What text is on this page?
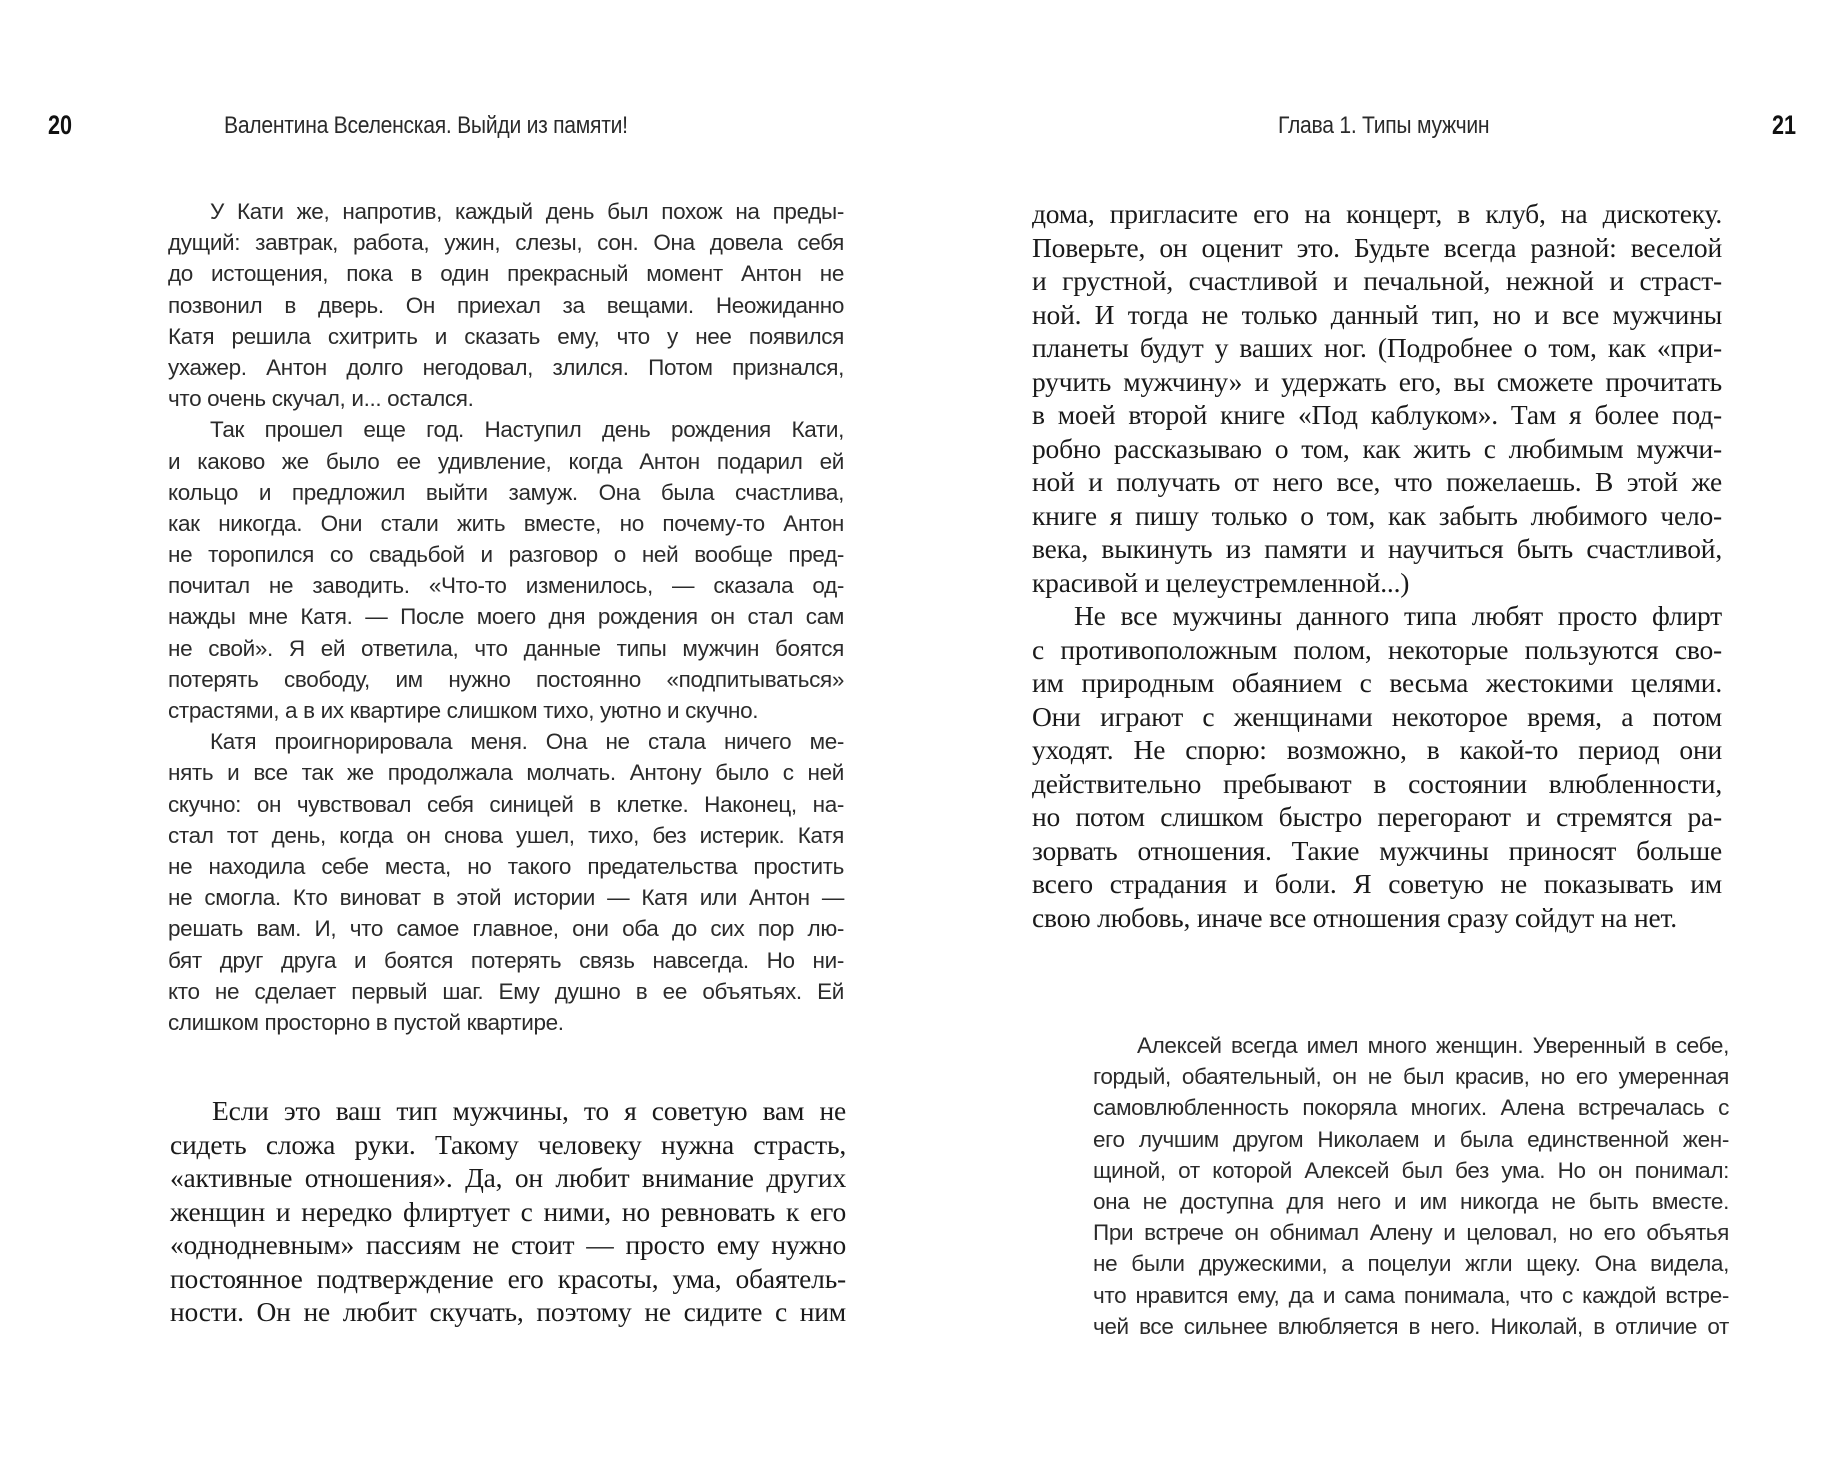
20	Валентина Вселенская. Выйди из памяти!
У Кати же, напротив, каждый день был похож на преды-
дущий: завтрак, работа, ужин, слезы, сон. Она довела себя
до истощения, пока в один прекрасный момент Антон не
позвонил в дверь. Он приехал за вещами. Неожиданно
Катя решила схитрить и сказать ему, что у нее появился
ухажер. Антон долго негодовал, злился. Потом признался,
что очень скучал, и... остался.
Так прошел еще год. Наступил день рождения Кати,
и каково же было ее удивление, когда Антон подарил ей
кольцо и предложил выйти замуж. Она была счастлива,
как никогда. Они стали жить вместе, но почему-то Антон
не торопился со свадьбой и разговор о ней вообще пред-
почитал не заводить. «Что-то изменилось, — сказала од-
нажды мне Катя. — После моего дня рождения он стал сам
не свой». Я ей ответила, что данные типы мужчин боятся
потерять свободу, им нужно постоянно «подпитываться»
страстями, а в их квартире слишком тихо, уютно и скучно.
Катя проигнорировала меня. Она не стала ничего ме-
нять и все так же продолжала молчать. Антону было с ней
скучно: он чувствовал себя синицей в клетке. Наконец, на-
стал тот день, когда он снова ушел, тихо, без истерик. Катя
не находила себе места, но такого предательства простить
не смогла. Кто виноват в этой истории — Катя или Антон —
решать вам. И, что самое главное, они оба до сих пор лю-
бят друг друга и боятся потерять связь навсегда. Но ни-
кто не сделает первый шаг. Ему душно в ее объятьях. Ей
слишком просторно в пустой квартире.
Если это ваш тип мужчины, то я советую вам не
сидеть сложа руки. Такому человеку нужна страсть,
«активные отношения». Да, он любит внимание других
женщин и нередко флиртует с ними, но ревновать к его
«однодневным» пассиям не стоит — просто ему нужно
постоянное подтверждение его красоты, ума, обаятель-
ности. Он не любит скучать, поэтому не сидите с ним
Глава 1. Типы мужчин	21
дома, пригласите его на концерт, в клуб, на дискотеку.
Поверьте, он оценит это. Будьте всегда разной: веселой
и грустной, счастливой и печальной, нежной и страст-
ной. И тогда не только данный тип, но и все мужчины
планеты будут у ваших ног. (Подробнее о том, как «при-
ручить мужчину» и удержать его, вы сможете прочитать
в моей второй книге «Под каблуком». Там я более под-
робно рассказываю о том, как жить с любимым мужчи-
ной и получать от него все, что пожелаешь. В этой же
книге я пишу только о том, как забыть любимого чело-
века, выкинуть из памяти и научиться быть счастливой,
красивой и целеустремленной...)
Не все мужчины данного типа любят просто флирт
с противоположным полом, некоторые пользуются сво-
им природным обаянием с весьма жестокими целями.
Они играют с женщинами некоторое время, а потом
уходят. Не спорю: возможно, в какой-то период они
действительно пребывают в состоянии влюбленности,
но потом слишком быстро перегорают и стремятся ра-
зорвать отношения. Такие мужчины приносят больше
всего страдания и боли. Я советую не показывать им
свою любовь, иначе все отношения сразу сойдут на нет.
Алексей всегда имел много женщин. Уверенный в себе,
гордый, обаятельный, он не был красив, но его умеренная
самовлюбленность покоряла многих. Алена встречалась с
его лучшим другом Николаем и была единственной жен-
щиной, от которой Алексей был без ума. Но он понимал:
она не доступна для него и им никогда не быть вместе.
При встрече он обнимал Алену и целовал, но его объятья
не были дружескими, а поцелуи жгли щеку. Она видела,
что нравится ему, да и сама понимала, что с каждой встре-
чей все сильнее влюбляется в него. Николай, в отличие от
